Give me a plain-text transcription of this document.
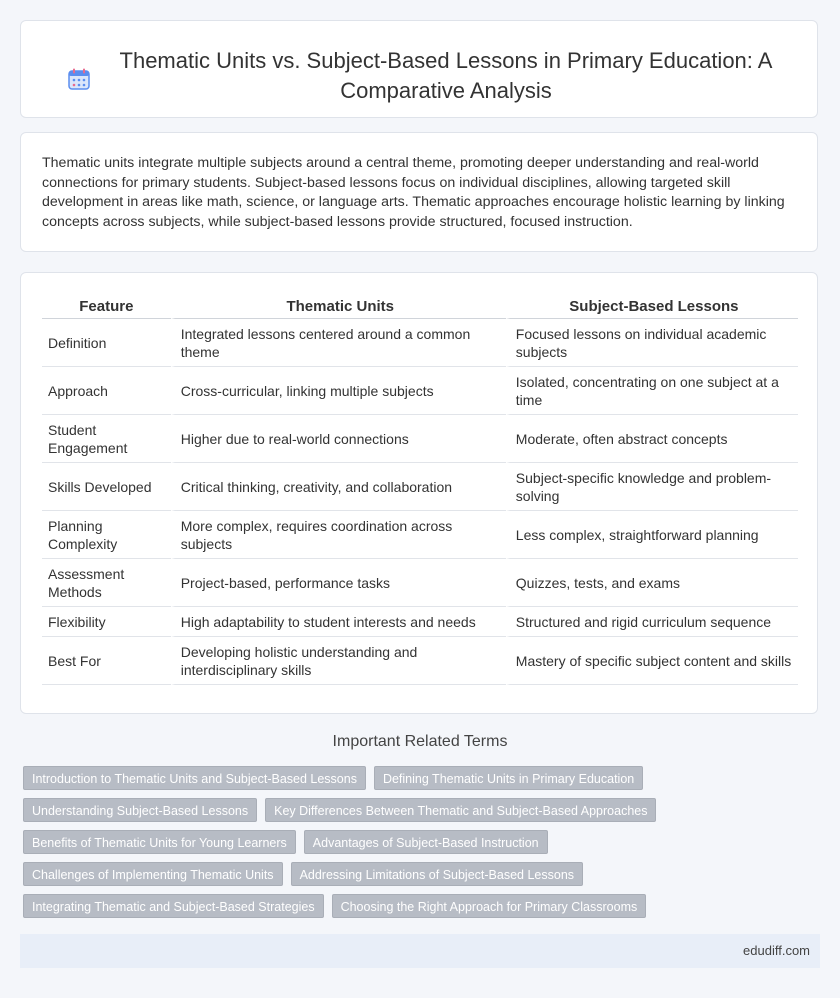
Thematic Units vs. Subject-Based Lessons in Primary Education: A Comparative Analysis

Thematic units integrate multiple subjects around a central theme, promoting deeper understanding and real-world connections for primary students. Subject-based lessons focus on individual disciplines, allowing targeted skill development in areas like math, science, or language arts. Thematic approaches encourage holistic learning by linking concepts across subjects, while subject-based lessons provide structured, focused instruction.

Feature	Thematic Units	Subject-Based Lessons
Definition	Integrated lessons centered around a common theme	Focused lessons on individual academic subjects
Approach	Cross-curricular, linking multiple subjects	Isolated, concentrating on one subject at a time
Student Engagement	Higher due to real-world connections	Moderate, often abstract concepts
Skills Developed	Critical thinking, creativity, and collaboration	Subject-specific knowledge and problem-solving
Planning Complexity	More complex, requires coordination across subjects	Less complex, straightforward planning
Assessment Methods	Project-based, performance tasks	Quizzes, tests, and exams
Flexibility	High adaptability to student interests and needs	Structured and rigid curriculum sequence
Best For	Developing holistic understanding and interdisciplinary skills	Mastery of specific subject content and skills
Important Related Terms
Introduction to Thematic Units and Subject-Based Lessons	Defining Thematic Units in Primary Education
Understanding Subject-Based Lessons	Key Differences Between Thematic and Subject-Based Approaches
Benefits of Thematic Units for Young Learners	Advantages of Subject-Based Instruction
Challenges of Implementing Thematic Units	Addressing Limitations of Subject-Based Lessons
Integrating Thematic and Subject-Based Strategies	Choosing the Right Approach for Primary Classrooms
edudiff.com
